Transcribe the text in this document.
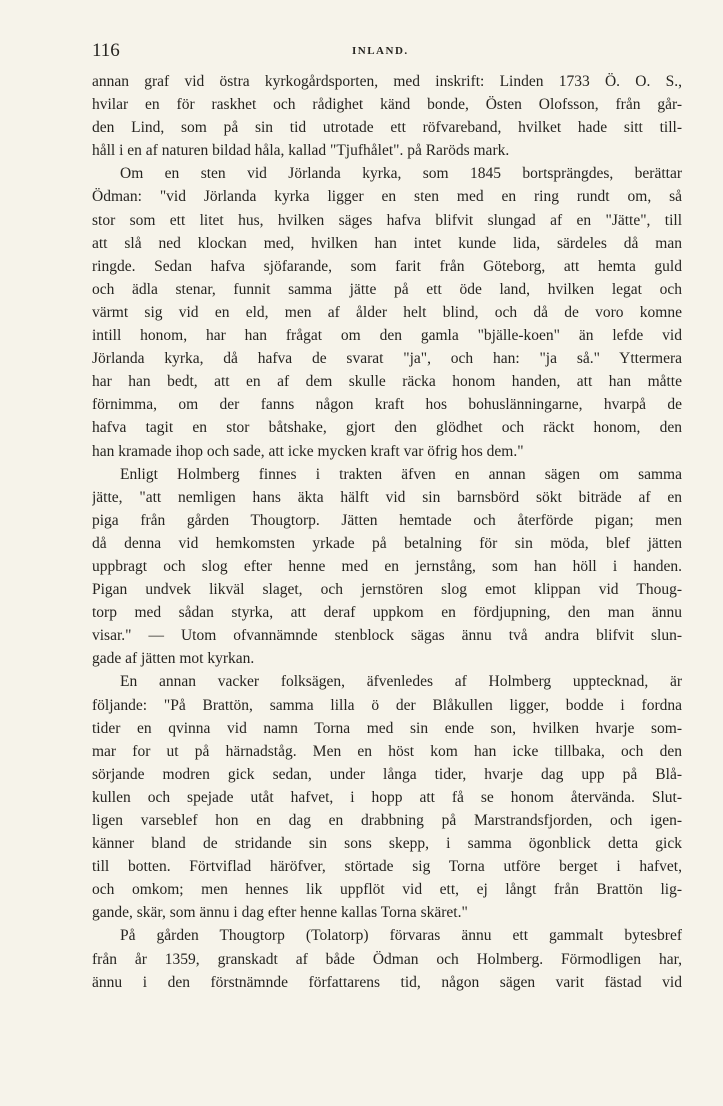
116	INLAND.
annan graf vid östra kyrkogårdsporten, med inskrift: Linden 1733 Ö. O. S.,
hvilar en för raskhet och rådighet känd bonde, Östen Olofsson, från går-
den Lind, som på sin tid utrotade ett röfvareband, hvilket hade sitt till-
håll i en af naturen bildad håla, kallad "Tjufhålet". på Raröds mark.
Om en sten vid Jörlanda kyrka, som 1845 bortsprängdes, berättar
Ödman: "vid Jörlanda kyrka ligger en sten med en ring rundt om, så
stor som ett litet hus, hvilken säges hafva blifvit slungad af en "Jätte", till
att slå ned klockan med, hvilken han intet kunde lida, särdeles då man
ringde. Sedan hafva sjöfarande, som farit från Göteborg, att hemta guld
och ädla stenar, funnit samma jätte på ett öde land, hvilken legat och
värmt sig vid en eld, men af ålder helt blind, och då de voro komne
intill honom, har han frågat om den gamla "bjälle-koen" än lefde vid
Jörlanda kyrka, då hafva de svarat "ja", och han: "ja så." Yttermera
har han bedt, att en af dem skulle räcka honom handen, att han måtte
förnimma, om der fanns någon kraft hos bohuslänningarne, hvarpå de
hafva tagit en stor båtshake, gjort den glödhet och räckt honom, den
han kramade ihop och sade, att icke mycken kraft var öfrig hos dem."
Enligt Holmberg finnes i trakten äfven en annan sägen om samma
jätte, "att nemligen hans äkta hälft vid sin barnsbörd sökt biträde af en
piga från gården Thougtorp. Jätten hemtade och återförde pigan; men
då denna vid hemkomsten yrkade på betalning för sin möda, blef jätten
uppbragt och slog efter henne med en jernstång, som han höll i handen.
Pigan undvek likväl slaget, och jernstören slog emot klippan vid Thoug-
torp med sådan styrka, att deraf uppkom en fördjupning, den man ännu
visar." — Utom ofvannämnde stenblock sägas ännu två andra blifvit slun-
gade af jätten mot kyrkan.
En annan vacker folksägen, äfvenledes af Holmberg upptecknad, är
följande: "På Brattön, samma lilla ö der Blåkullen ligger, bodde i fordna
tider en qvinna vid namn Torna med sin ende son, hvilken hvarje som-
mar for ut på härnadståg. Men en höst kom han icke tillbaka, och den
sörjande modren gick sedan, under långa tider, hvarje dag upp på Blå-
kullen och spejade utåt hafvet, i hopp att få se honom återvända. Slut-
ligen varseblef hon en dag en drabbning på Marstrandsfjorden, och igen-
känner bland de stridande sin sons skepp, i samma ögonblick detta gick
till botten. Förtviflad häröfver, störtade sig Torna utföre berget i hafvet,
och omkom; men hennes lik uppflöt vid ett, ej långt från Brattön lig-
gande, skär, som ännu i dag efter henne kallas Torna skäret."
På gården Thougtorp (Tolatorp) förvaras ännu ett gammalt bytesbref
från år 1359, granskadt af både Ödman och Holmberg. Förmodligen har,
ännu i den förstnämnde författarens tid, någon sägen varit fästad vid
